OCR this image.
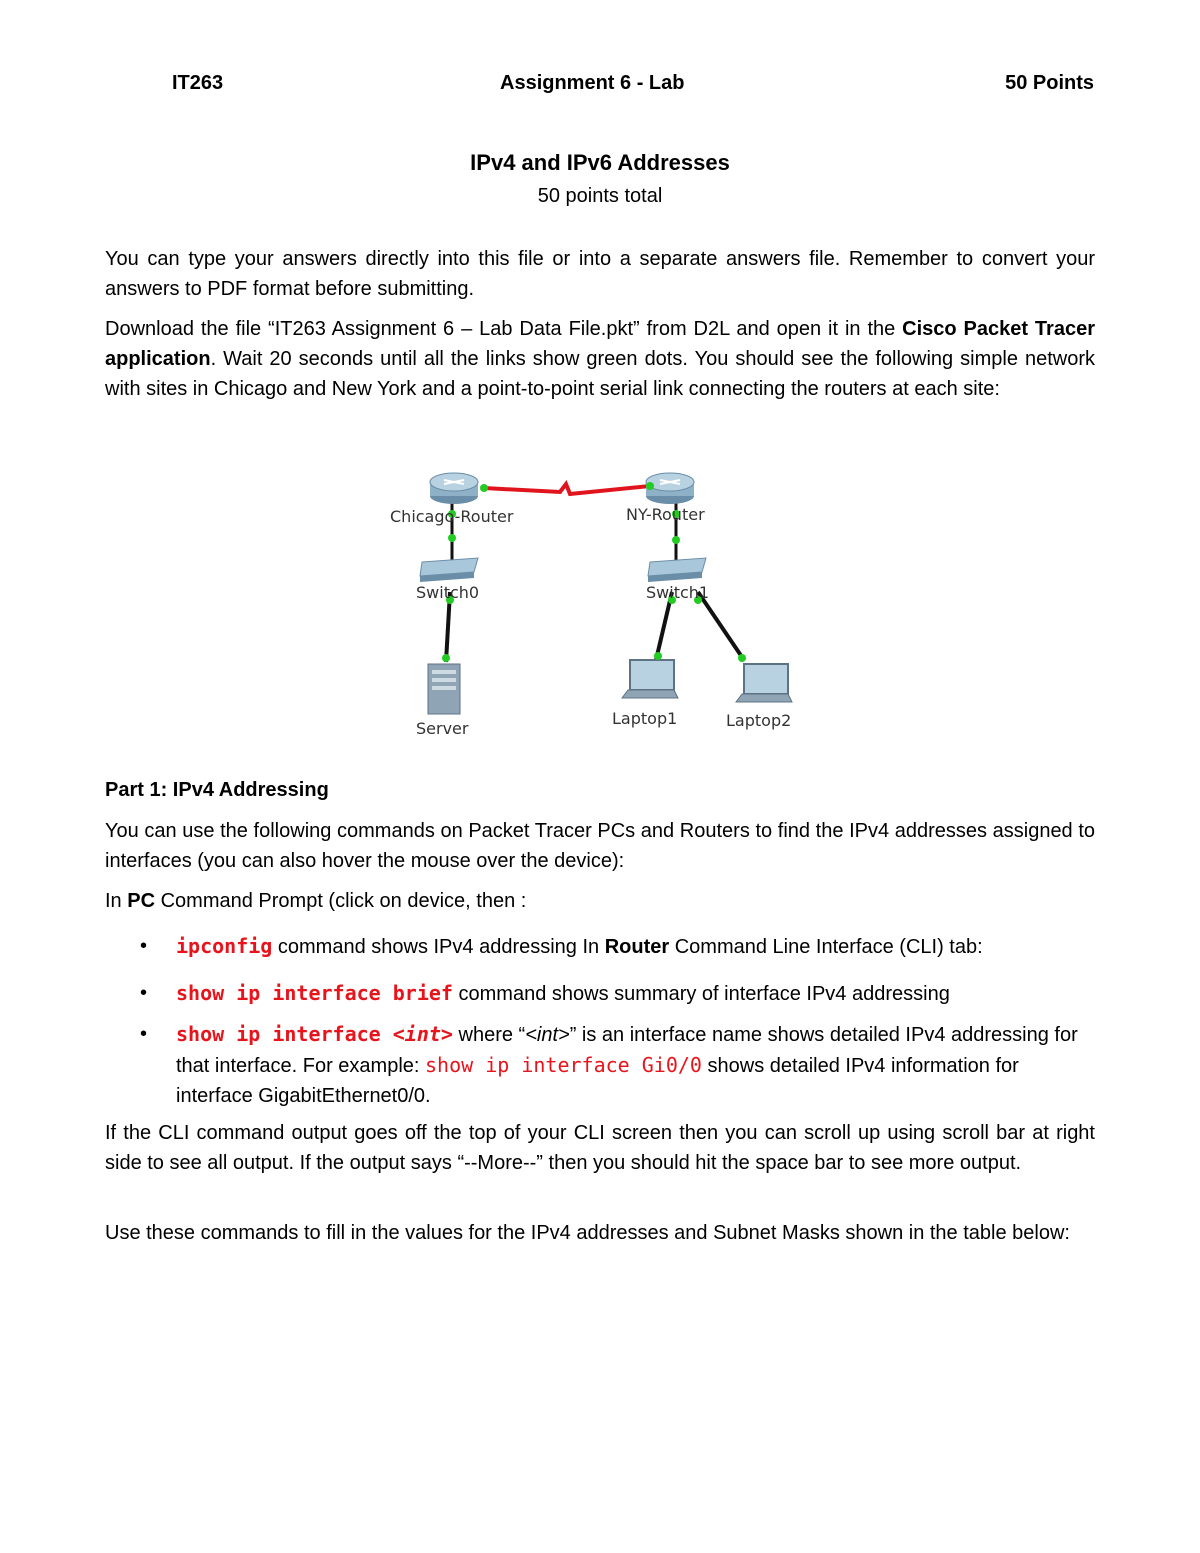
IT263	Assignment 6 - Lab	50 Points
IPv4 and IPv6 Addresses
50 points total
You can type your answers directly into this file or into a separate answers file. Remember to convert your answers to PDF format before submitting.
Download the file “IT263 Assignment 6 – Lab Data File.pkt” from D2L and open it in the Cisco Packet Tracer application. Wait 20 seconds until all the links show green dots. You should see the following simple network with sites in Chicago and New York and a point-to-point serial link connecting the routers at each site:
Chicago-Router	NY-Router
Switch0	Switch1
Server
Laptop1	Laptop2
Part 1: IPv4 Addressing
You can use the following commands on Packet Tracer PCs and Routers to find the IPv4 addresses assigned to interfaces (you can also hover the mouse over the device):
In PC Command Prompt (click on device, then :
•	ipconfig command shows IPv4 addressing In Router Command Line Interface (CLI) tab:
•	show ip interface brief command shows summary of interface IPv4 addressing
•	show ip interface <int> where “<int>” is an interface name shows detailed IPv4 addressing for that interface. For example: show ip interface Gi0/0 shows detailed IPv4 information for interface GigabitEthernet0/0.
If the CLI command output goes off the top of your CLI screen then you can scroll up using scroll bar at right side to see all output. If the output says “--More--” then you should hit the space bar to see more output.
Use these commands to fill in the values for the IPv4 addresses and Subnet Masks shown in the table below:
